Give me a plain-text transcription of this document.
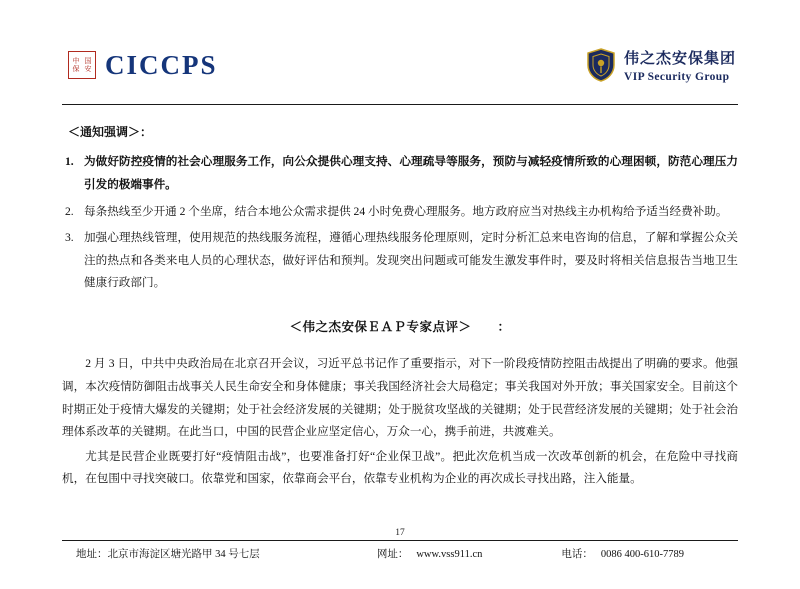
中 国
保 安 CICCPS	伟之杰安保集团
VIP Security Group
＜通知强调＞：
1. 为做好防控疫情的社会心理服务工作，向公众提供心理支持、心理疏导等服务，预防与减轻疫情所致的心理困顿，防范心理压力引发的极端事件。
2. 每条热线至少开通 2 个坐席，结合本地公众需求提供 24 小时免费心理服务。地方政府应当对热线主办机构给予适当经费补助。
3. 加强心理热线管理，使用规范的热线服务流程，遵循心理热线服务伦理原则，定时分析汇总来电咨询的信息，了解和掌握公众关注的热点和各类来电人员的心理状态，做好评估和预判。发现突出问题或可能发生激发事件时，要及时将相关信息报告当地卫生健康行政部门。
＜伟之杰安保ＥＡＰ专家点评＞ ：

2 月 3 日，中共中央政治局在北京召开会议，习近平总书记作了重要指示，对下一阶段疫情防控阻击战提出了明确的要求。他强调，本次疫情防御阻击战事关人民生命安全和身体健康；事关我国经济社会大局稳定；事关我国对外开放；事关国家安全。目前这个时期正处于疫情大爆发的关键期；处于社会经济发展的关键期；处于脱贫攻坚战的关键期；处于民营经济发展的关键期；处于社会治理体系改革的关键期。在此当口，中国的民营企业应坚定信心，万众一心，携手前进，共渡难关。

尤其是民营企业既要打好“疫情阻击战”，也要准备打好“企业保卫战”。把此次危机当成一次改革创新的机会，在危险中寻找商机，在包围中寻找突破口。依靠党和国家，依靠商会平台，依靠专业机构为企业的再次成长寻找出路，注入能量。

17
地址：北京市海淀区塘光路甲 34 号七层	网址： www.vss911.cn	电话： 0086 400-610-7789
